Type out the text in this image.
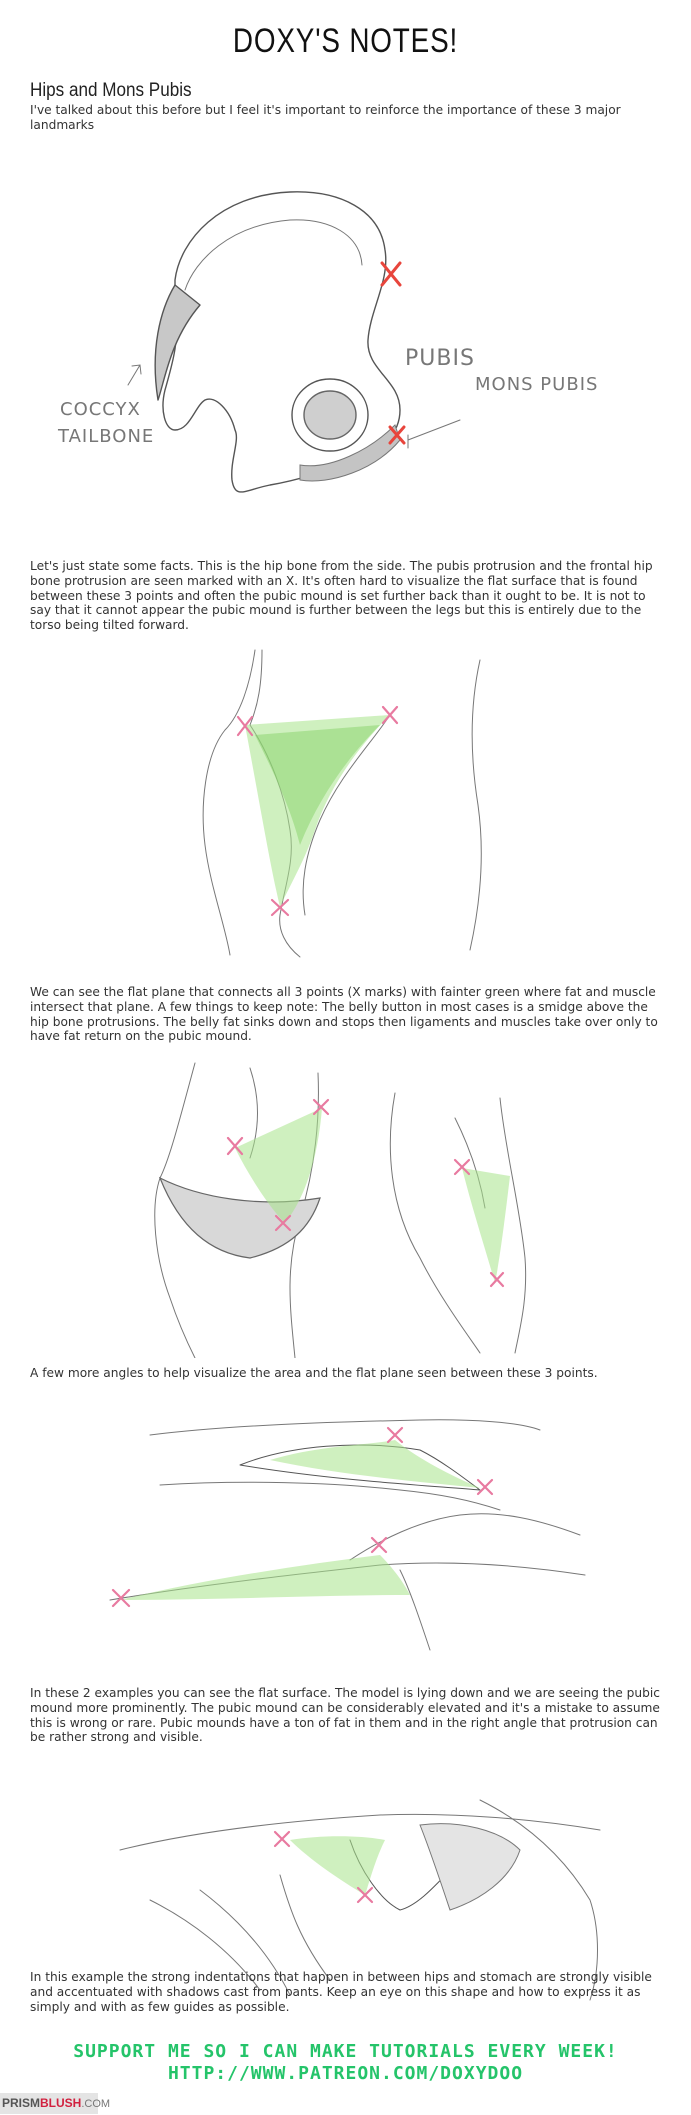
DOXY'S NOTES!
Hips and Mons Pubis
I've talked about this before but I feel it's important to reinforce the importance of these 3 major landmarks
PUBIS
MONS PUBIS
COCCYX
TAILBONE
Let's just state some facts. This is the hip bone from the side. The pubis protrusion and the frontal hip bone protrusion are seen marked with an X. It's often hard to visualize the flat surface that is found between these 3 points and often the pubic mound is set further back than it ought to be. It is not to say that it cannot appear the pubic mound is further between the legs but this is entirely due to the torso being tilted forward.
We can see the flat plane that connects all 3 points (X marks) with fainter green where fat and muscle intersect that plane. A few things to keep note: The belly button in most cases is a smidge above the hip bone protrusions. The belly fat sinks down and stops then ligaments and muscles take over only to have fat return on the pubic mound.
A few more angles to help visualize the area and the flat plane seen between these 3 points.
In these 2 examples you can see the flat surface. The model is lying down and we are seeing the pubic mound more prominently. The pubic mound can be considerably elevated and it's a mistake to assume this is wrong or rare. Pubic mounds have a ton of fat in them and in the right angle that protrusion can be rather strong and visible.
In this example the strong indentations that happen in between hips and stomach are strongly visible and accentuated with shadows cast from pants. Keep an eye on this shape and how to express it as simply and with as few guides as possible.
SUPPORT ME SO I CAN MAKE TUTORIALS EVERY WEEK!
HTTP://WWW.PATREON.COM/DOXYDOO
PRISMBLUSH.COM
